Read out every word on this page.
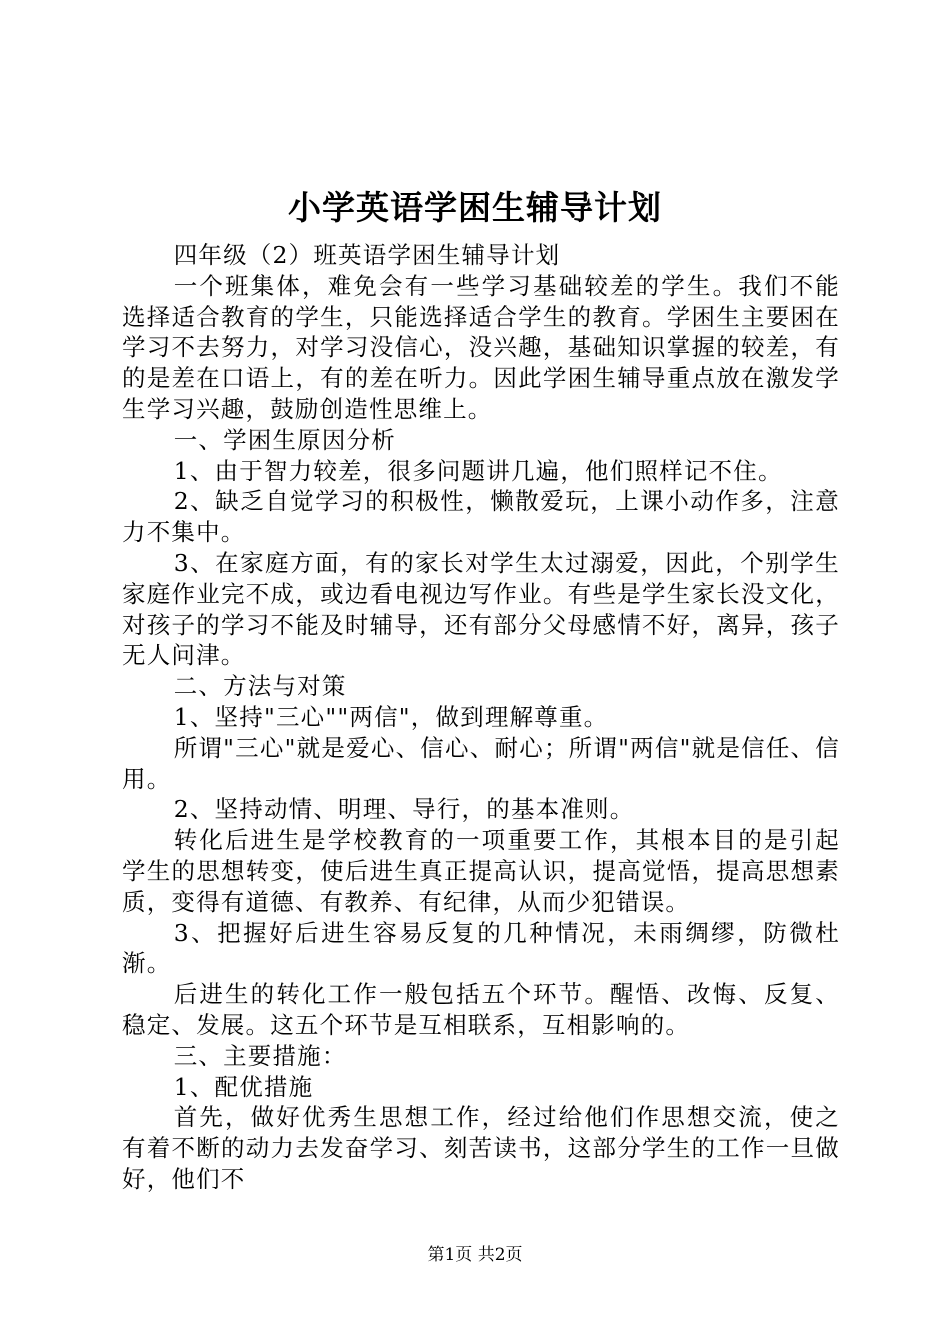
小学英语学困生辅导计划

四年级（2）班英语学困生辅导计划

一个班集体，难免会有一些学习基础较差的学生。我们不能选择适合教育的学生，只能选择适合学生的教育。学困生主要困在学习不去努力，对学习没信心，没兴趣，基础知识掌握的较差，有的是差在口语上，有的差在听力。因此学困生辅导重点放在激发学生学习兴趣，鼓励创造性思维上。

一、学困生原因分析

1、由于智力较差，很多问题讲几遍，他们照样记不住。

2、缺乏自觉学习的积极性，懒散爱玩，上课小动作多，注意力不集中。

3、在家庭方面，有的家长对学生太过溺爱，因此，个别学生家庭作业完不成，或边看电视边写作业。有些是学生家长没文化，对孩子的学习不能及时辅导，还有部分父母感情不好，离异，孩子无人问津。

二、方法与对策

1、坚持"三心""两信"，做到理解尊重。

所谓"三心"就是爱心、信心、耐心；所谓"两信"就是信任、信用。

2、坚持动情、明理、导行，的基本准则。

转化后进生是学校教育的一项重要工作，其根本目的是引起学生的思想转变，使后进生真正提高认识，提高觉悟，提高思想素质，变得有道德、有教养、有纪律，从而少犯错误。

3、把握好后进生容易反复的几种情况，未雨绸缪，防微杜渐。

后进生的转化工作一般包括五个环节。醒悟、改悔、反复、稳定、发展。这五个环节是互相联系，互相影响的。

三、主要措施：

1、配优措施

首先，做好优秀生思想工作，经过给他们作思想交流，使之有着不断的动力去发奋学习、刻苦读书，这部分学生的工作一旦做好，他们不

第1页 共2页
